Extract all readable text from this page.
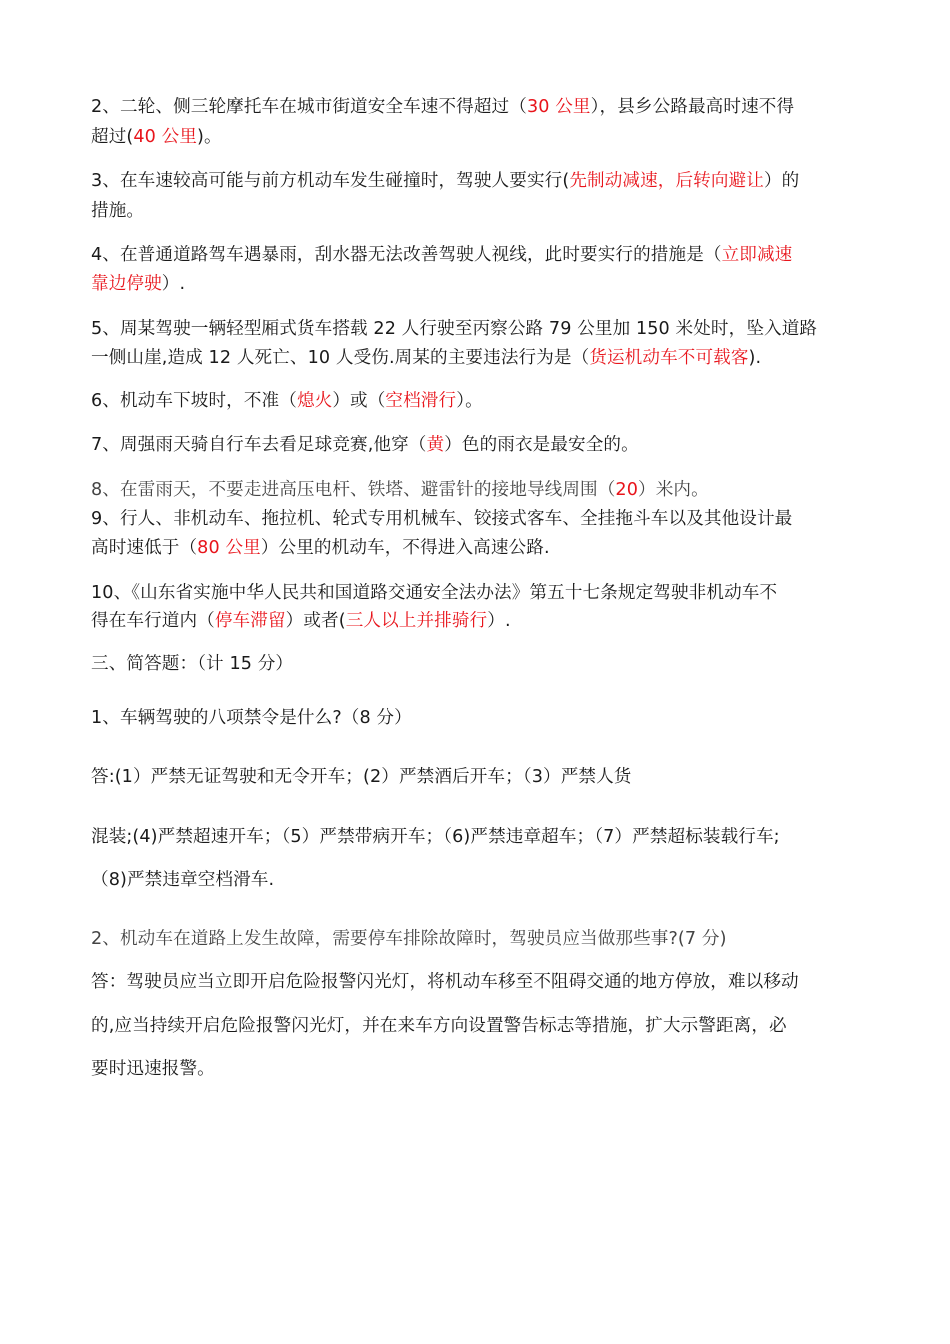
2、二轮、侧三轮摩托车在城市街道安全车速不得超过（30 公里），县乡公路最高时速不得
超过(40 公里)。
3、在车速较高可能与前方机动车发生碰撞时，驾驶人要实行(先制动减速，后转向避让）的
措施。
4、在普通道路驾车遇暴雨，刮水器无法改善驾驶人视线，此时要实行的措施是（立即减速
靠边停驶）.
5、周某驾驶一辆轻型厢式货车搭载 22 人行驶至丙察公路 79 公里加 150 米处时，坠入道路
一侧山崖,造成 12 人死亡、10 人受伤.周某的主要违法行为是（货运机动车不可载客).
6、机动车下坡时，不准（熄火）或（空档滑行）。
7、周强雨天骑自行车去看足球竞赛,他穿（黄）色的雨衣是最安全的。
8、在雷雨天，不要走进高压电杆、铁塔、避雷针的接地导线周围（20）米内。
9、行人、非机动车、拖拉机、轮式专用机械车、铰接式客车、全挂拖斗车以及其他设计最
高时速低于（80 公里）公里的机动车，不得进入高速公路.
10、《山东省实施中华人民共和国道路交通安全法办法》第五十七条规定驾驶非机动车不
得在车行道内（停车滞留）或者(三人以上并排骑行）.
三、简答题：（计 15 分）
1、车辆驾驶的八项禁令是什么?（8 分）
答:(1）严禁无证驾驶和无令开车；(2）严禁酒后开车；（3）严禁人货
混装;(4)严禁超速开车；（5）严禁带病开车；（6)严禁违章超车；（7）严禁超标装载行车;
（8)严禁违章空档滑车.
2、机动车在道路上发生故障，需要停车排除故障时，驾驶员应当做那些事?(7 分)
答：驾驶员应当立即开启危险报警闪光灯，将机动车移至不阻碍交通的地方停放，难以移动
的,应当持续开启危险报警闪光灯，并在来车方向设置警告标志等措施，扩大示警距离，必
要时迅速报警。
